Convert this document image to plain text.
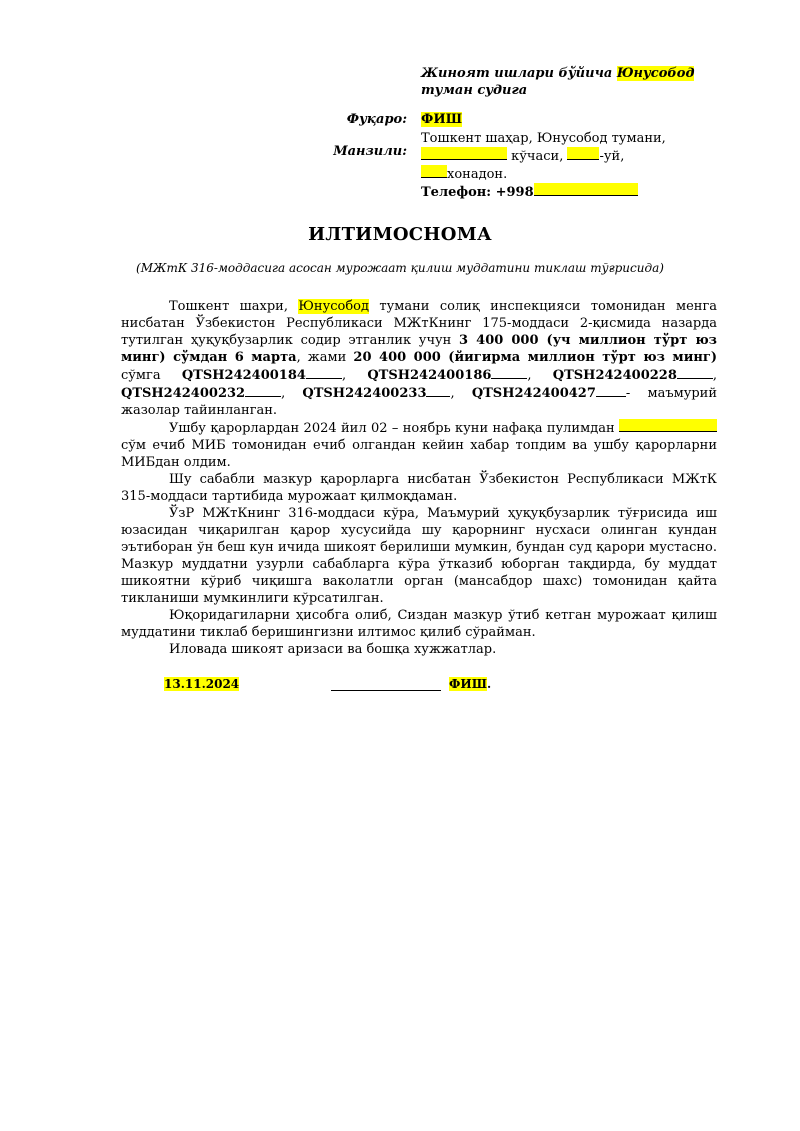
Жиноят ишлари бўйича Юнусобод
туман судига
Фуқаро: ФИШ
Манзили:
Тошкент шаҳар, Юнусобод тумани,
кўчаси, -уй,
хонадон.
Телефон: +998
ИЛТИМОСНОМА
(МЖтК 316-моддасига асосан мурожаат қилиш муддатини тиклаш тўғрисида)

Тошкент шахри, Юнусобод тумани солиқ инспекцияси томонидан менга нисбатан Ўзбекистон Республикаси МЖтКнинг 175-моддаси 2-қисмида назарда тутилган ҳуқуқбузарлик содир этганлик учун 3 400 000 (уч миллион тўрт юз минг) сўмдан 6 марта, жами 20 400 000 (йигирма миллион тўрт юз минг) сўмга QTSH242400184	, QTSH242400186	, QTSH242400228	, QTSH242400232	, QTSH242400233 , QTSH242400427 - маъмурий жазолар тайинланган.

Ушбу қарорлардан 2024 йил 02 – ноябрь куни нафақа пулимдан  сўм ечиб МИБ томонидан ечиб олгандан кейин хабар топдим ва ушбу қарорларни МИБдан олдим.

Шу сабабли мазкур қарорларга нисбатан Ўзбекистон Республикаси МЖтК 315-моддаси тартибида мурожаат қилмоқдаман.

ЎзР МЖтКнинг 316-моддаси кўра, Маъмурий ҳуқуқбузарлик тўғрисида иш юзасидан чиқарилган қарор хусусийда шу қарорнинг нусхаси олинган кундан эътиборан ўн беш кун ичида шикоят берилиши мумкин, бундан суд қарори мустасно. Мазкур муддатни узурли сабабларга кўра ўтказиб юборган тақдирда, бу муддат шикоятни кўриб чиқишга ваколатли орган (мансабдор шахс) томонидан қайта тикланиши мумкинлиги кўрсатилган.

Юқоридагиларни ҳисобга олиб, Сиздан мазкур ўтиб кетган мурожаат қилиш муддатини тиклаб беришингизни илтимос қилиб сўрайман.

Иловада шикоят аризаси ва бошқа хужжатлар.

13.11.2024	ФИШ.
